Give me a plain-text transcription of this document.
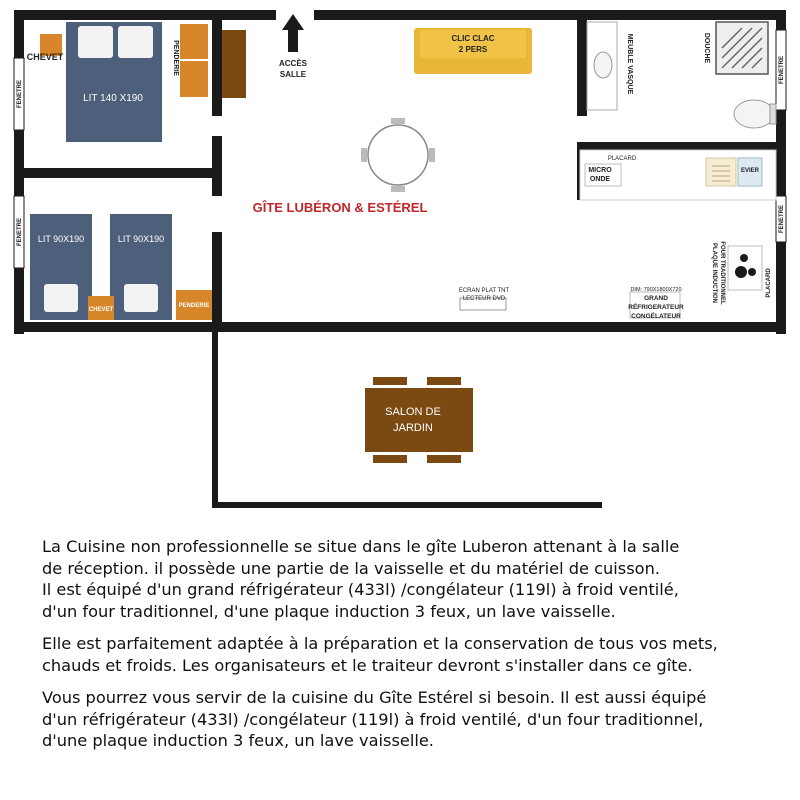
FENETRE
FENETRE
FENETRE
FENETRE
LIT 140 X190
CHEVET	PENDERIE
LIT 90X190	LIT 90X190
CHEVET
PENDERIE
ACCÈS
SALLE
CLIC CLAC
2 PERS
GÎTE LUBÉRON & ESTÉREL
ECRAN PLAT TNT
LECTEUR DVD
MEUBLE VASQUE	DOUCHE
PLACARD
MICRO
ONDE
EVIER
PLAQUE INDUCTION FOUR TRADITIONNEL	PLACARD
DIM: 790X1800X720
GRAND
RÉFRIGERATEUR
CONGÉLATEUR
SALON DE
JARDIN

La Cuisine non professionnelle se situe dans le gîte Luberon attenant à la salle
de réception. il possède une partie de la vaisselle et du matériel de cuisson.
Il est équipé d'un grand réfrigérateur (433l) /congélateur (119l) à froid ventilé,
d'un four traditionnel, d'une plaque induction 3 feux, un lave vaisselle.

Elle est parfaitement adaptée à la préparation et la conservation de tous vos mets,
chauds et froids. Les organisateurs et le traiteur devront s'installer dans ce gîte.

Vous pourrez vous servir de la cuisine du Gîte Estérel si besoin. Il est aussi équipé
d'un réfrigérateur (433l) /congélateur (119l) à froid ventilé, d'un four traditionnel,
d'une plaque induction 3 feux, un lave vaisselle.
